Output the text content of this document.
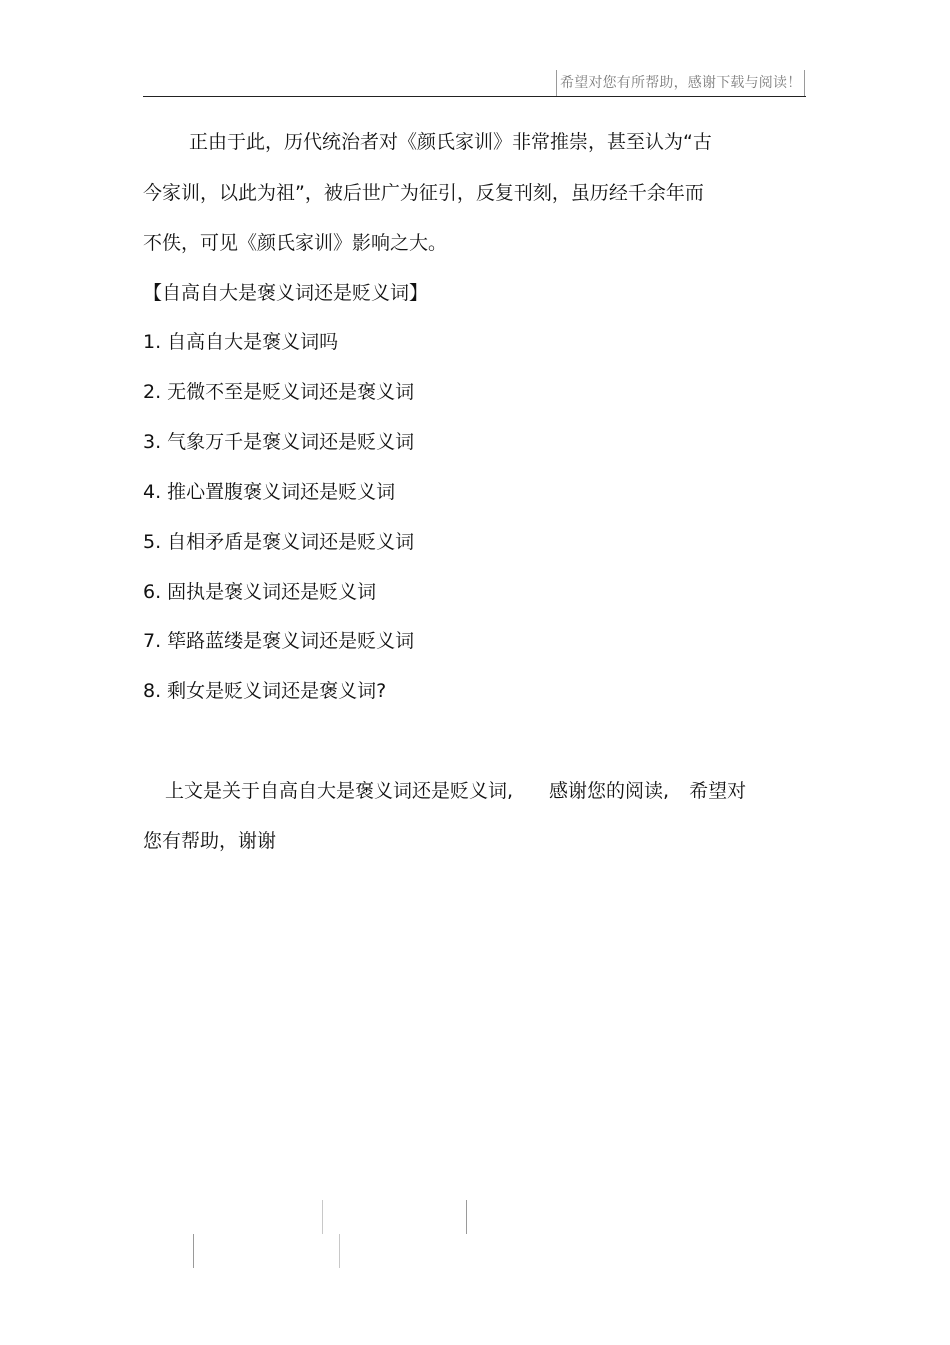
希望对您有所帮助，感谢下载与阅读！
正由于此，历代统治者对《颜氏家训》非常推崇，甚至认为“古
今家训，以此为祖”，被后世广为征引，反复刊刻，虽历经千余年而
不佚，可见《颜氏家训》影响之大。
【自高自大是褒义词还是贬义词】
1. 自高自大是褒义词吗
2. 无微不至是贬义词还是褒义词
3. 气象万千是褒义词还是贬义词
4. 推心置腹褒义词还是贬义词
5. 自相矛盾是褒义词还是贬义词
6. 固执是褒义词还是贬义词
7. 筚路蓝缕是褒义词还是贬义词
8. 剩女是贬义词还是褒义词?
上文是关于自高自大是褒义词还是贬义词, 感谢您的阅读, 希望对
您有帮助，谢谢
